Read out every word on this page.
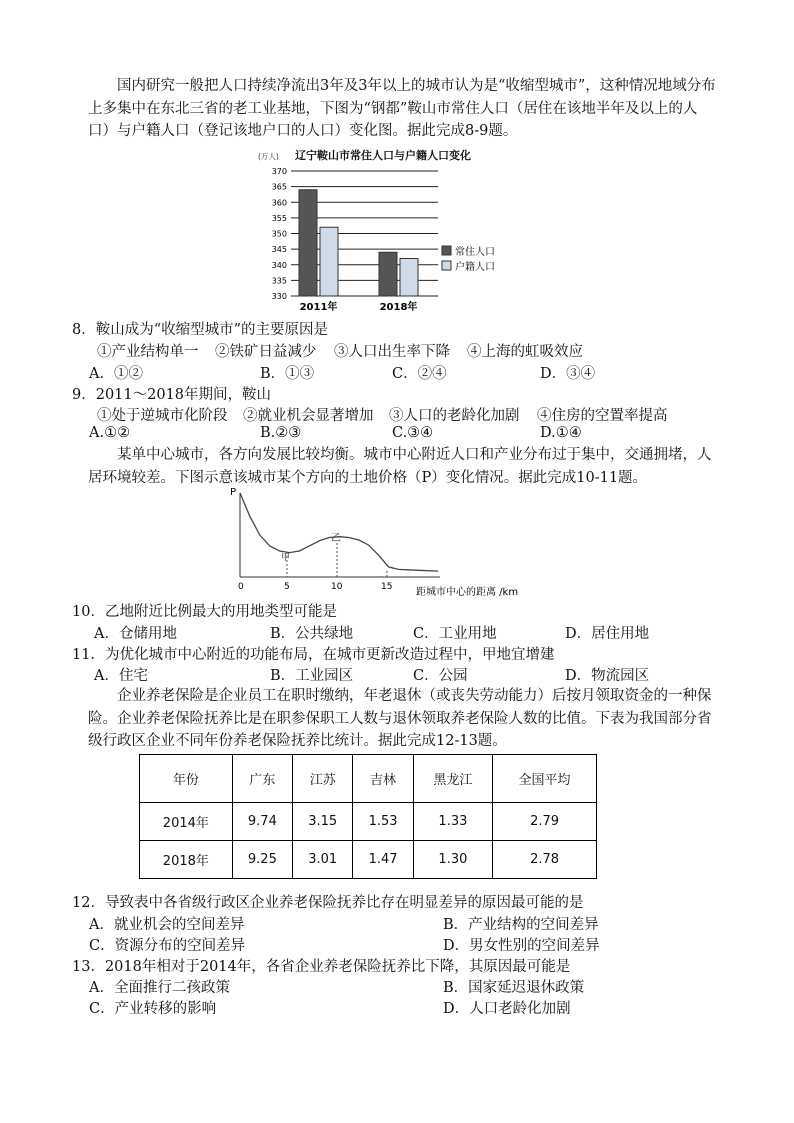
国内研究一般把人口持续净流出3年及3年以上的城市认为是“收缩型城市”，这种情况地域分布上多集中在东北三省的老工业基地，下图为“钢都”鞍山市常住人口（居住在该地半年及以上的人口）与户籍人口（登记该地户口的人口）变化图。据此完成8-9题。
(万人) 辽宁鞍山市常住人口与户籍人口变化
330
335
340
345
350
355
360
365
370
2011年	2018年
常住人口
户籍人口
8．鞍山成为“收缩型城市”的主要原因是
①产业结构单一 ②铁矿日益减少 ③人口出生率下降 ④上海的虹吸效应
A．①②	B．①③	C．②④	D．③④
9．2011～2018年期间，鞍山
①处于逆城市化阶段 ②就业机会显著增加 ③人口的老龄化加剧 ④住房的空置率提高
A.①②	B.②③	C.③④	D.①④
某单中心城市，各方向发展比较均衡。城市中心附近人口和产业分布过于集中，交通拥堵，人居环境较差。下图示意该城市某个方向的土地价格（P）变化情况。据此完成10-11题。
P
甲
乙
0	5	10	15 距城市中心的距离 /km
10．乙地附近比例最大的用地类型可能是
A．仓储用地	B．公共绿地	C．工业用地	D．居住用地
11．为优化城市中心附近的功能布局，在城市更新改造过程中，甲地宜增建
A．住宅	B．工业园区	C．公园	D．物流园区
企业养老保险是企业员工在职时缴纳，年老退休（或丧失劳动能力）后按月领取资金的一种保险。企业养老保险抚养比是在职参保职工人数与退休领取养老保险人数的比值。下表为我国部分省级行政区企业不同年份养老保险抚养比统计。据此完成12-13题。
年份	广东	江苏	吉林	黑龙江	全国平均
2014年	9.74	3.15	1.53	1.33	2.79
2018年	9.25	3.01	1.47	1.30	2.78
12．导致表中各省级行政区企业养老保险抚养比存在明显差异的原因最可能的是
A．就业机会的空间差异	B．产业结构的空间差异
C．资源分布的空间差异	D．男女性别的空间差异
13．2018年相对于2014年，各省企业养老保险抚养比下降，其原因最可能是
A．全面推行二孩政策	B．国家延迟退休政策
C．产业转移的影响	D．人口老龄化加剧
